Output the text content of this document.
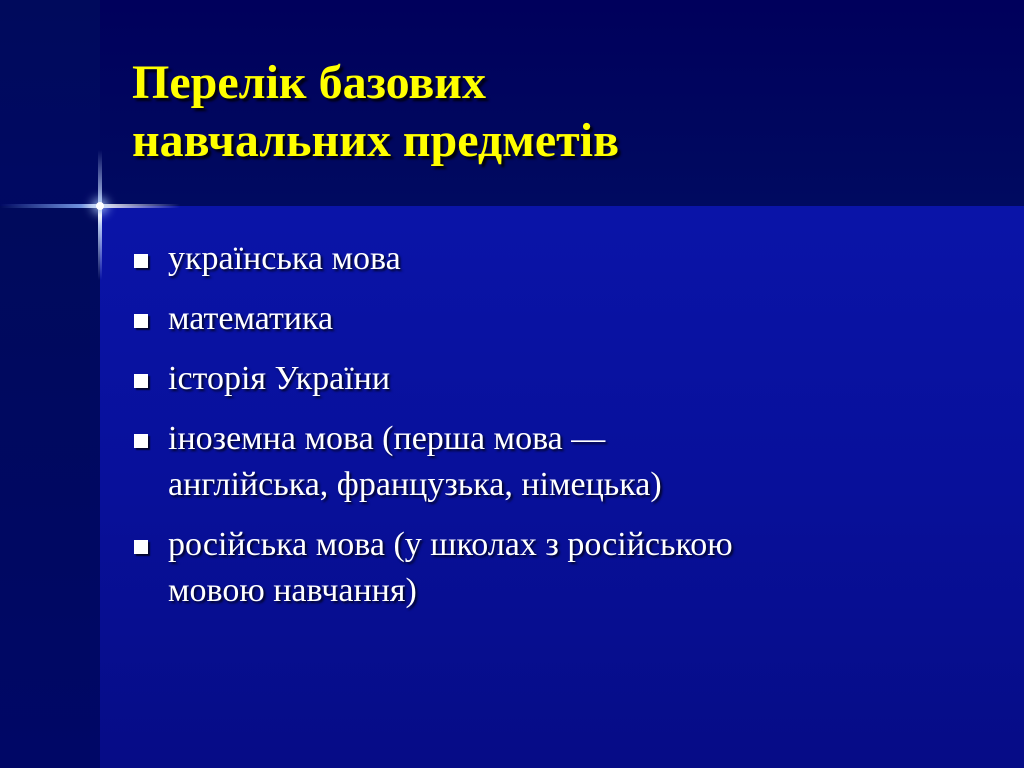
Перелік базових
навчальних предметів
українська мова
математика
історія України
іноземна мова (перша мова —
англійська, французька, німецька)
російська мова (у школах з російською
мовою навчання)
